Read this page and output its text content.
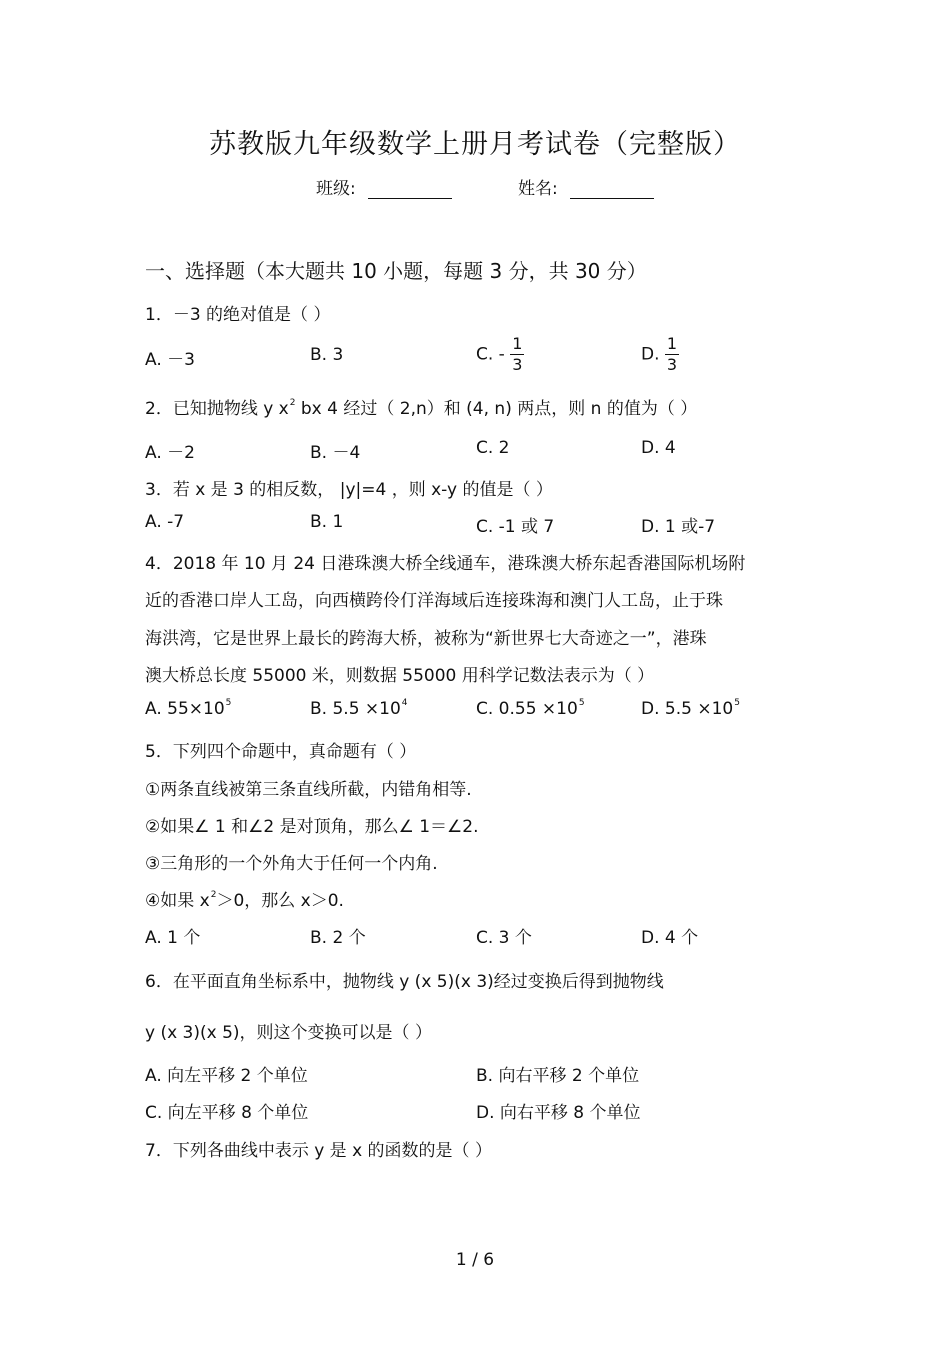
苏教版九年级数学上册月考试卷（完整版）
班级:	姓名:
一、选择题（本大题共 10 小题，每题 3 分，共 30 分）
1．－3 的绝对值是（ ）
A. －3	B. 3	C. - $\frac{1}{3}$	D. $\frac{1}{3}$
2．已知抛物线 y $x^2$ bx 4 经过（ 2,n）和 (4, n) 两点，则 n 的值为（ ）
A. －2	B. －4	C. 2	D. 4
3．若 x 是 3 的相反数， |y|=4 ，则 x-y 的值是（ ）
A. -7	B. 1	C. -1 或 7	D. 1 或-7
4．2018 年 10 月 24 日港珠澳大桥全线通车，港珠澳大桥东起香港国际机场附
近的香港口岸人工岛，向西横跨伶仃洋海域后连接珠海和澳门人工岛，止于珠
海洪湾，它是世界上最长的跨海大桥，被称为“新世界七大奇迹之一”，港珠
澳大桥总长度 55000 米，则数据 55000 用科学记数法表示为（ ）
A. $55\times 10^5$	B. $5.5 \times 10^4$	C. $0.55 \times 10^5$	D. $5.5 \times 10^5$
5．下列四个命题中，真命题有（ ）
①两条直线被第三条直线所截，内错角相等.
②如果∠ 1 和∠2 是对顶角，那么∠ 1＝∠2.
③三角形的一个外角大于任何一个内角.
④如果 $x^2>0$，那么 x＞0.
A. 1 个	B. 2 个	C. 3 个	D. 4 个
6．在平面直角坐标系中，抛物线 y (x 5)(x 3)经过变换后得到抛物线
y (x 3)(x 5)，则这个变换可以是（ ）
A. 向左平移 2 个单位	B. 向右平移 2 个单位
C. 向左平移 8 个单位	D. 向右平移 8 个单位
7．下列各曲线中表示 y 是 x 的函数的是（ ）
1 / 6
